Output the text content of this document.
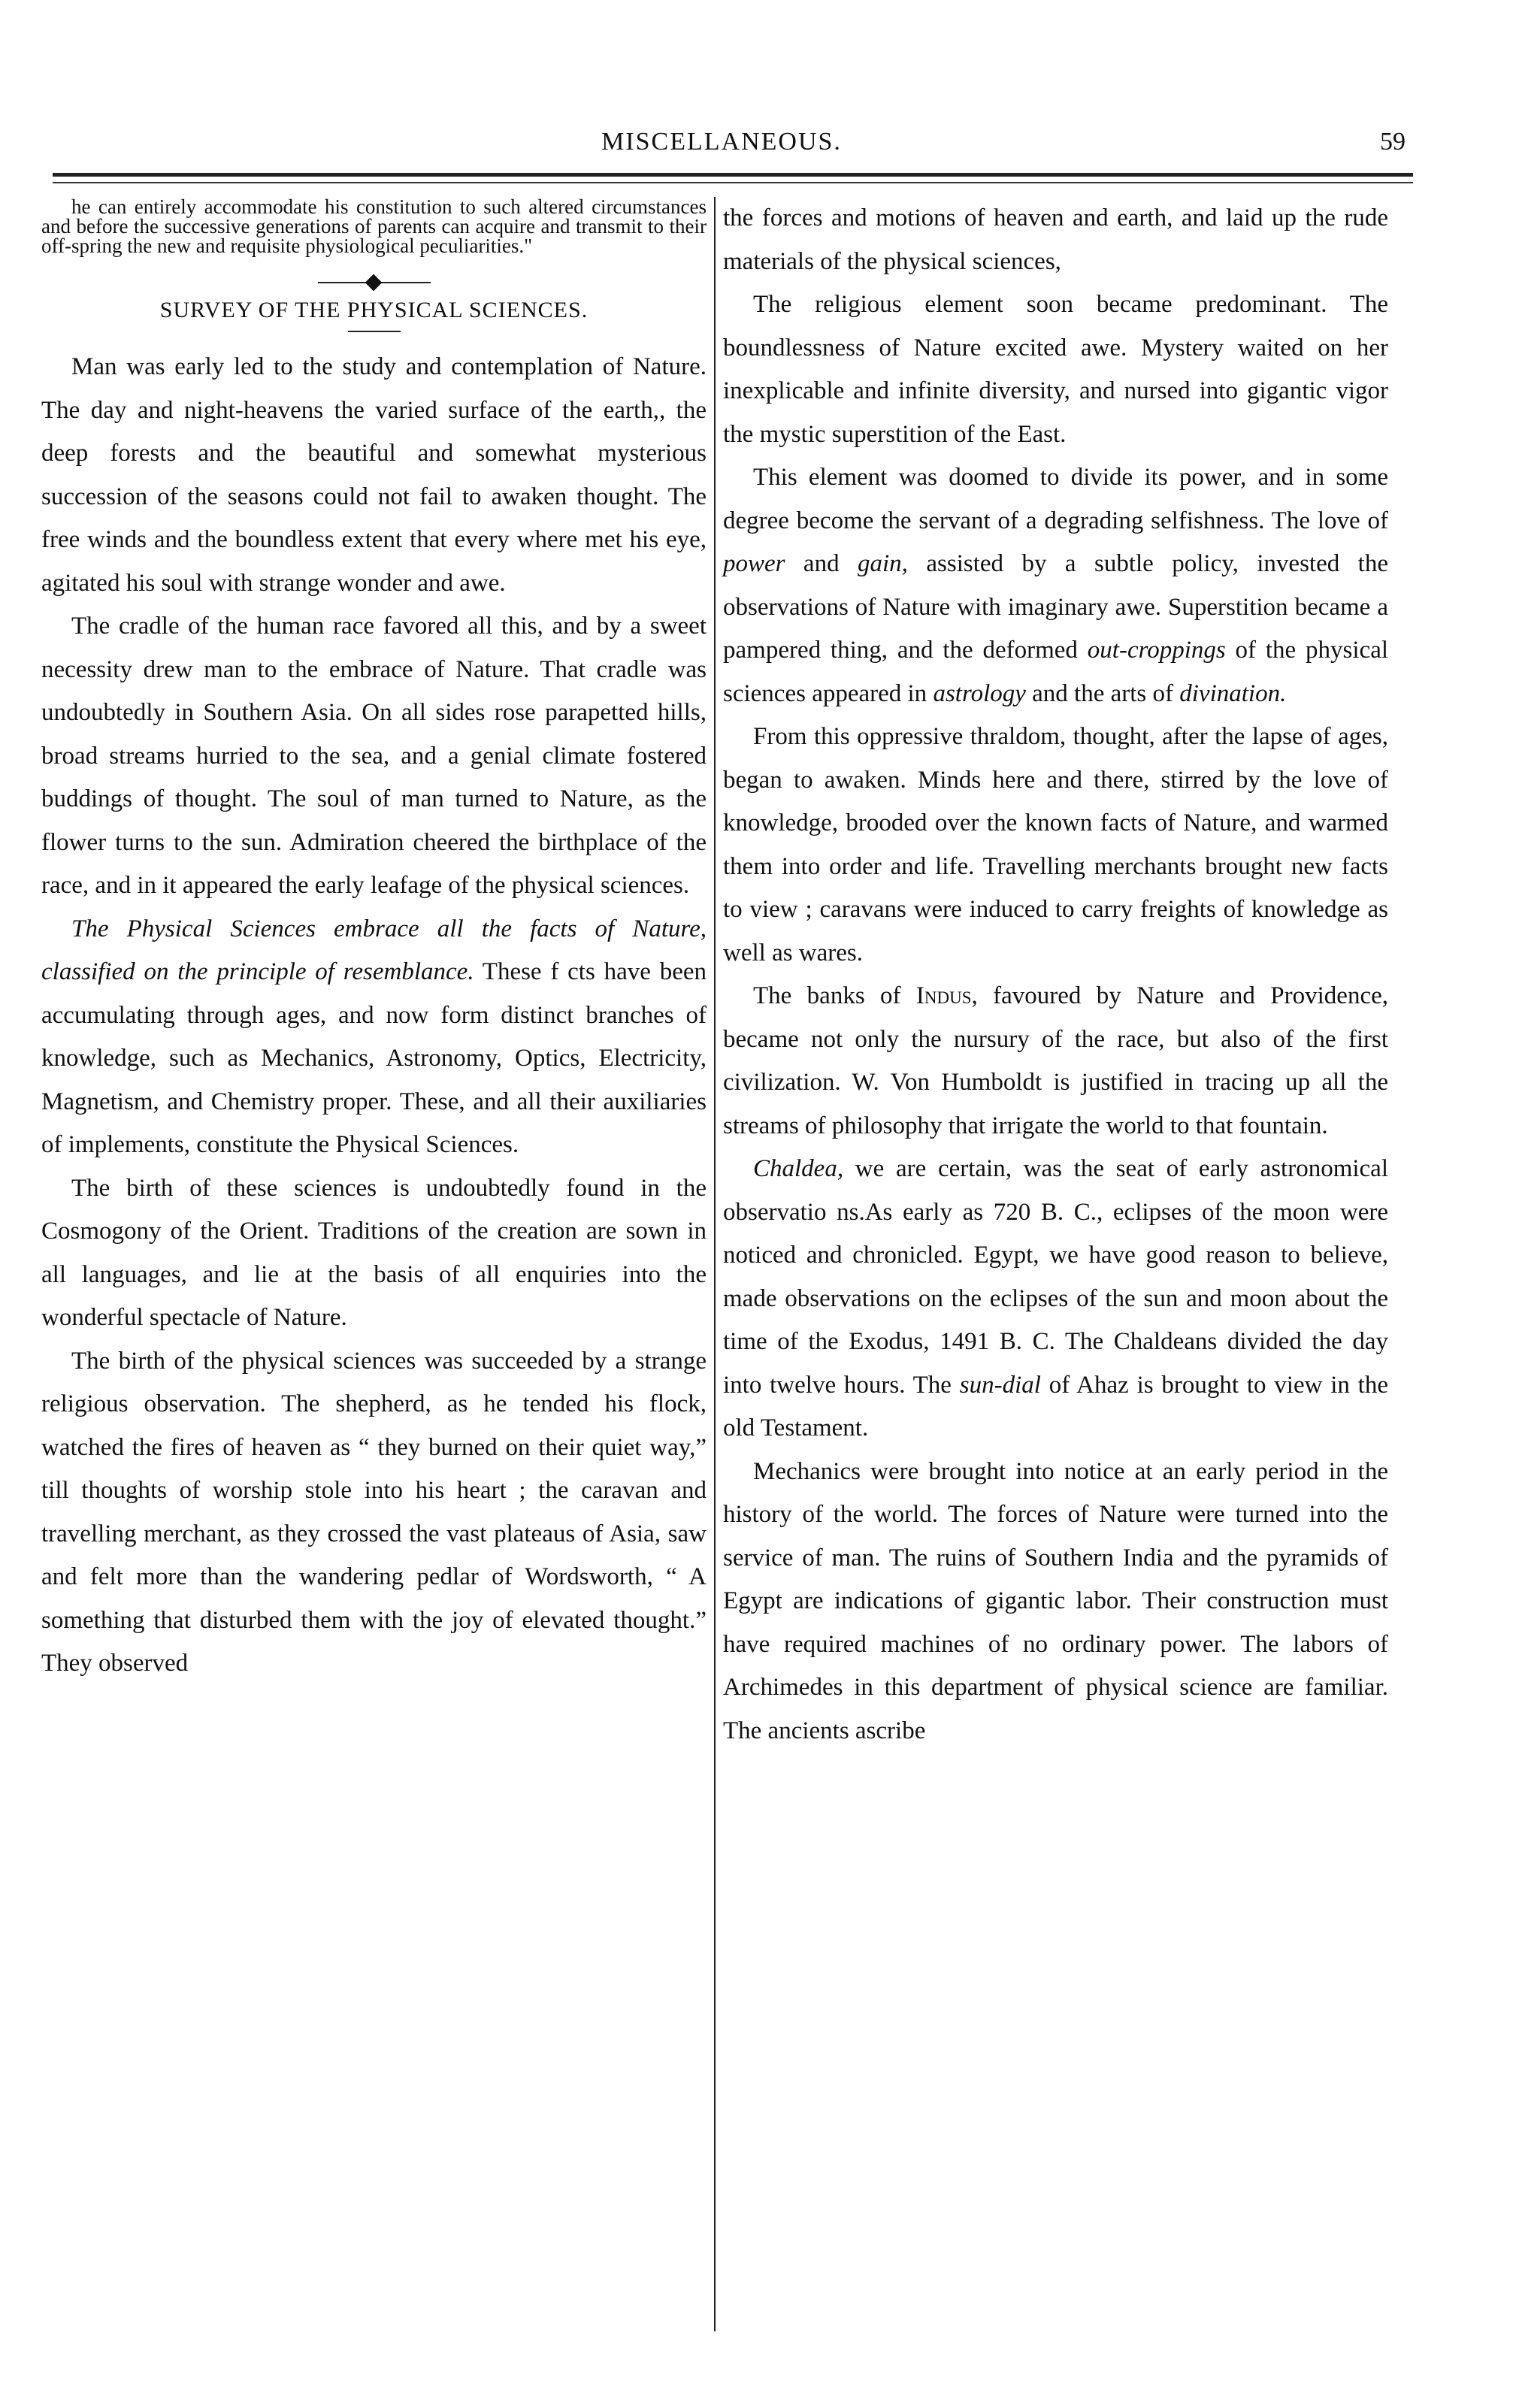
MISCELLANEOUS.	59

he can entirely accommodate his constitution to such altered circumstances and before the successive generations of parents can acquire and transmit to their off-spring the new and requisite physiological peculiarities."

SURVEY OF THE PHYSICAL SCIENCES.

Man was early led to the study and contemplation of Nature. The day and night-heavens the varied surface of the earth,, the deep forests and the beautiful and somewhat mysterious succession of the seasons could not fail to awaken thought. The free winds and the boundless extent that every where met his eye, agitated his soul with strange wonder and awe.

The cradle of the human race favored all this, and by a sweet necessity drew man to the embrace of Nature. That cradle was undoubtedly in Southern Asia. On all sides rose parapetted hills, broad streams hurried to the sea, and a genial climate fostered buddings of thought. The soul of man turned to Nature, as the flower turns to the sun. Admiration cheered the birthplace of the race, and in it appeared the early leafage of the physical sciences.

The Physical Sciences embrace all the facts of Nature, classified on the principle of resemblance. These f cts have been accumulating through ages, and now form distinct branches of knowledge, such as Mechanics, Astronomy, Optics, Electricity, Magnetism, and Chemistry proper. These, and all their auxiliaries of implements, constitute the Physical Sciences.

The birth of these sciences is undoubtedly found in the Cosmogony of the Orient. Traditions of the creation are sown in all languages, and lie at the basis of all enquiries into the wonderful spectacle of Nature.

The birth of the physical sciences was succeeded by a strange religious observation. The shepherd, as he tended his flock, watched the fires of heaven as “ they burned on their quiet way,” till thoughts of worship stole into his heart ; the caravan and travelling merchant, as they crossed the vast plateaus of Asia, saw and felt more than the wandering pedlar of Wordsworth, “ A something that disturbed them with the joy of elevated thought.” They observed

the forces and motions of heaven and earth, and laid up the rude materials of the physical sciences,

The religious element soon became predominant. The boundlessness of Nature excited awe. Mystery waited on her inexplicable and infinite diversity, and nursed into gigantic vigor the mystic superstition of the East.

This element was doomed to divide its power, and in some degree become the servant of a degrading selfishness. The love of power and gain, assisted by a subtle policy, invested the observations of Nature with imaginary awe. Superstition became a pampered thing, and the deformed out-croppings of the physical sciences appeared in astrology and the arts of divination.

From this oppressive thraldom, thought, after the lapse of ages, began to awaken. Minds here and there, stirred by the love of knowledge, brooded over the known facts of Nature, and warmed them into order and life. Travelling merchants brought new facts to view ; caravans were induced to carry freights of knowledge as well as wares.

The banks of Indus, favoured by Nature and Providence, became not only the nursury of the race, but also of the first civilization. W. Von Humboldt is justified in tracing up all the streams of philosophy that irrigate the world to that fountain.

Chaldea, we are certain, was the seat of early astronomical observatio ns.As early as 720 B. C., eclipses of the moon were noticed and chronicled. Egypt, we have good reason to believe, made observations on the eclipses of the sun and moon about the time of the Exodus, 1491 B. C. The Chaldeans divided the day into twelve hours. The sun-dial of Ahaz is brought to view in the old Testament.

Mechanics were brought into notice at an early period in the history of the world. The forces of Nature were turned into the service of man. The ruins of Southern India and the pyramids of Egypt are indications of gigantic labor. Their construction must have required machines of no ordinary power. The labors of Archimedes in this department of physical science are familiar. The ancients ascribe
